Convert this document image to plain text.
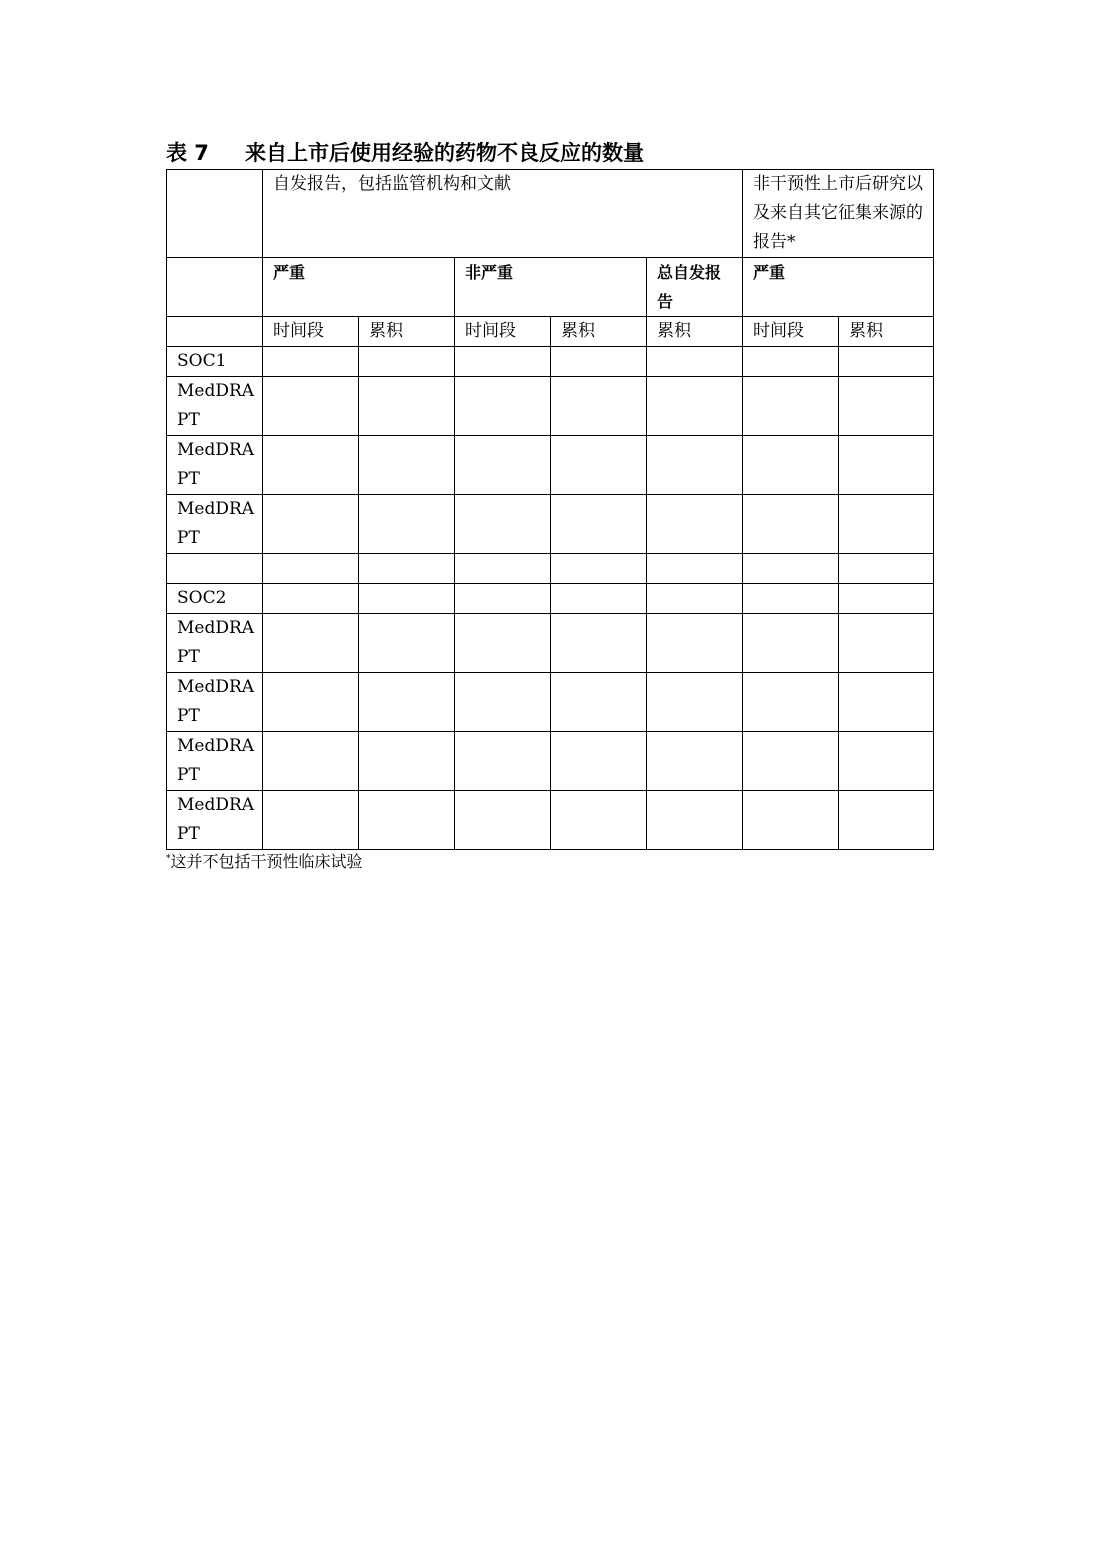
表 7 来自上市后使用经验的药物不良反应的数量
	自发报告，包括监管机构和文献					非干预性上市后研究以及来自其它征集来源的报告*	
	严重		非严重		总自发报告	严重	
	时间段	累积	时间段	累积	累积	时间段	累积
SOC1							
MedDRA PT							
MedDRA PT							
MedDRA PT							

SOC2							
MedDRA PT							
MedDRA PT							
MedDRA PT							
MedDRA PT							
*这并不包括干预性临床试验
